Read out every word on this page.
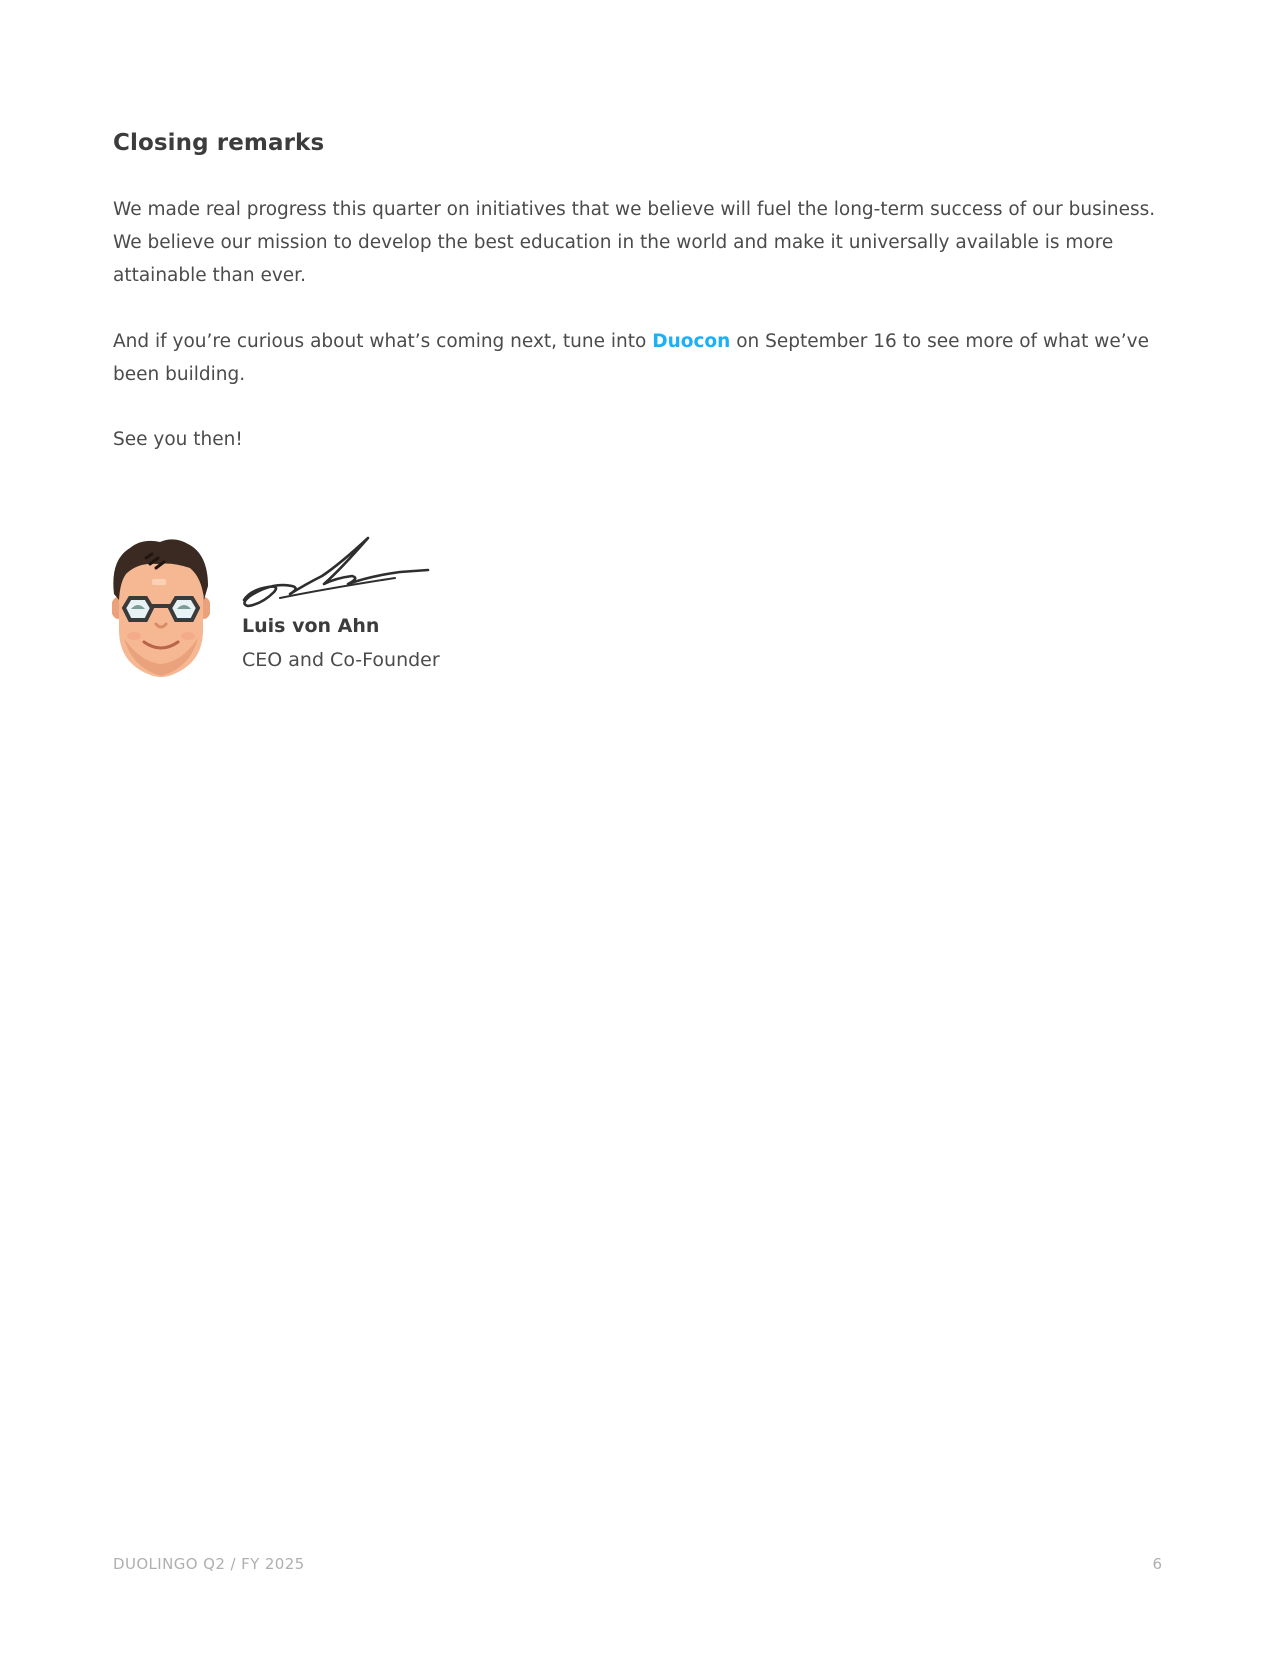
Closing remarks

We made real progress this quarter on initiatives that we believe will fuel the long-term success of our business. We believe our mission to develop the best education in the world and make it universally available is more attainable than ever.

And if you’re curious about what’s coming next, tune into Duocon on September 16 to see more of what we’ve been building.

See you then!

Luis von Ahn

CEO and Co-Founder

DUOLINGO Q2 / FY 2025	6
